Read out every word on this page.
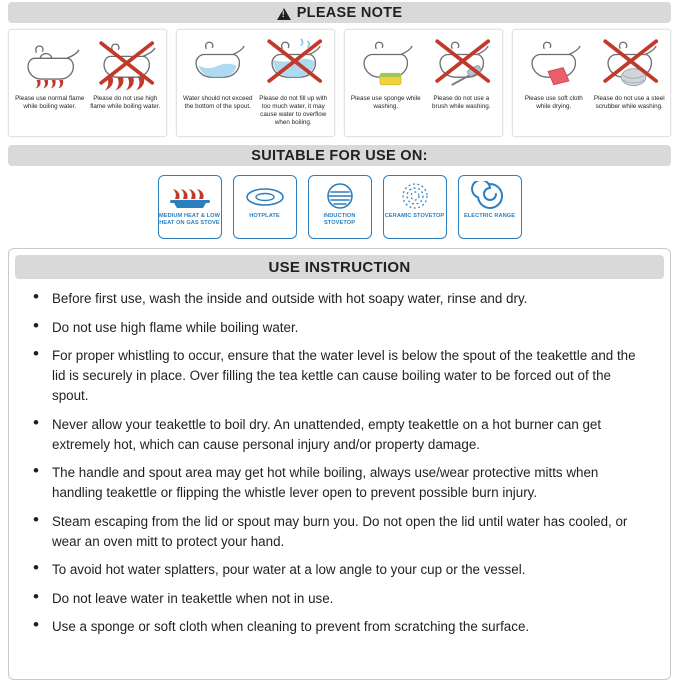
!
PLEASE NOTE
Please use normal flame while boiling water.
Please do not use high flame while boiling water.
Water should not exceed the bottom of the spout.
Please do not fill up with too much water, it may cause water to overflow when boiling.
Please use sponge while washing.
Please do not use a brush while washing.
Please use soft cloth while drying.
Please do not use a steel scrubber while washing.
SUITABLE FOR USE ON:
MEDIUM HEAT & LOW HEAT ON GAS STOVE
HOTPLATE	INDUCTION STOVETOP
CERAMIC STOVETOP	ELECTRIC RANGE
USE INSTRUCTION
• Before first use, wash the inside and outside with hot soapy water, rinse and dry.
• Do not use high flame while boiling water.
• For proper whistling to occur, ensure that the water level is below the spout of the teakettle and the lid is securely in place. Over filling the tea kettle can cause boiling water to be forced out of the spout.
• Never allow your teakettle to boil dry. An unattended, empty teakettle on a hot burner can get extremely hot, which can cause personal injury and/or property damage.
• The handle and spout area may get hot while boiling, always use/wear protective mitts when handling teakettle or flipping the whistle lever open to prevent possible burn injury.
• Steam escaping from the lid or spout may burn you. Do not open the lid until water has cooled, or wear an oven mitt to protect your hand.
• To avoid hot water splatters, pour water at a low angle to your cup or the vessel.
• Do not leave water in teakettle when not in use.
• Use a sponge or soft cloth when cleaning to prevent from scratching the surface.
